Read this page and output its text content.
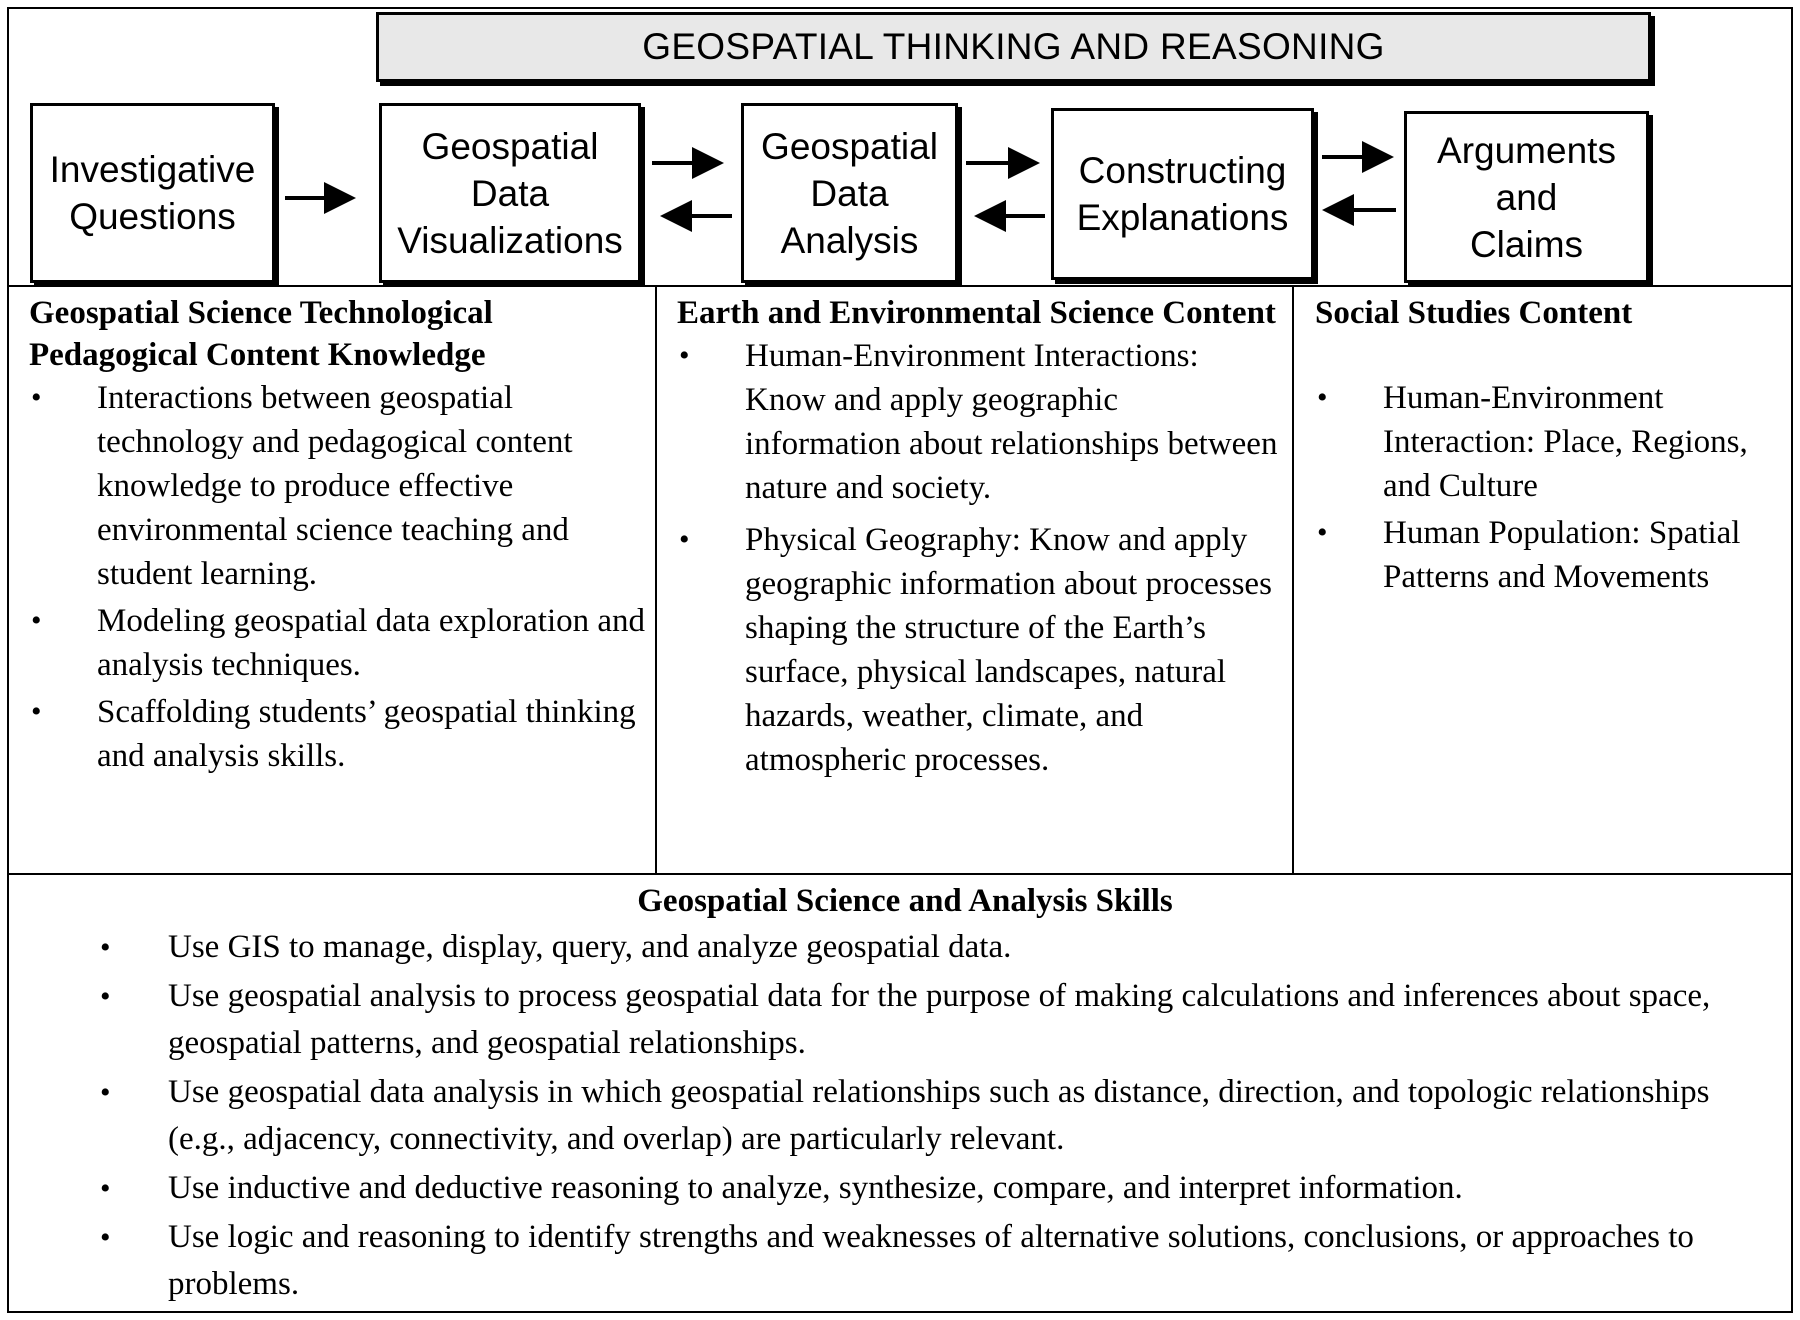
GEOSPATIAL THINKING AND REASONING
Investigative
Questions
Geospatial
Data
Visualizations
Geospatial
Data
Analysis
Constructing
Explanations
Arguments
and
Claims
Geospatial Science Technological Pedagogical Content Knowledge
• Interactions between geospatial technology and pedagogical content knowledge to produce effective environmental science teaching and student learning.
• Modeling geospatial data exploration and analysis techniques.
• Scaffolding students’ geospatial thinking and analysis skills.
Earth and Environmental Science Content
• Human-Environment Interactions: Know and apply geographic information about relationships between nature and society.
• Physical Geography: Know and apply geographic information about processes shaping the structure of the Earth’s surface, physical landscapes, natural hazards, weather, climate, and atmospheric processes.
Social Studies Content
• Human-Environment Interaction: Place, Regions, and Culture
• Human Population: Spatial Patterns and Movements
Geospatial Science and Analysis Skills
• Use GIS to manage, display, query, and analyze geospatial data.
• Use geospatial analysis to process geospatial data for the purpose of making calculations and inferences about space, geospatial patterns, and geospatial relationships.
• Use geospatial data analysis in which geospatial relationships such as distance, direction, and topologic relationships (e.g., adjacency, connectivity, and overlap) are particularly relevant.
• Use inductive and deductive reasoning to analyze, synthesize, compare, and interpret information.
• Use logic and reasoning to identify strengths and weaknesses of alternative solutions, conclusions, or approaches to problems.
